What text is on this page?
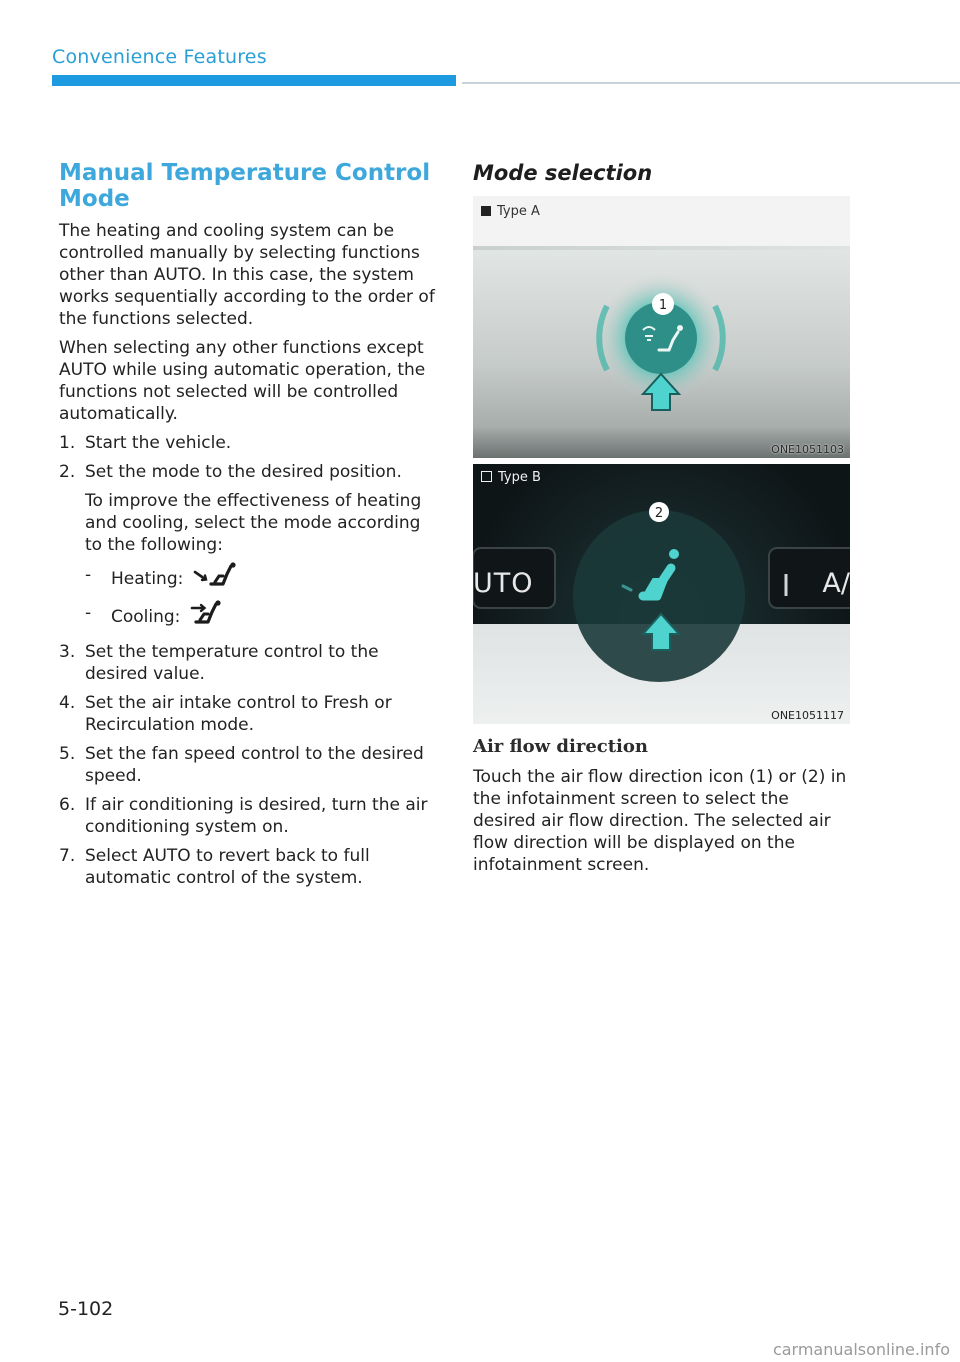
Convenience Features
Manual Temperature Control Mode

The heating and cooling system can be controlled manually by selecting functions other than AUTO. In this case, the system works sequentially according to the order of the functions selected.

When selecting any other functions except AUTO while using automatic operation, the functions not selected will be controlled automatically.

1. Start the vehicle.
2. Set the mode to the desired position.
To improve the effectiveness of heating and cooling, select the mode according to the following:
- Heating:
- Cooling:
3. Set the temperature control to the desired value.
4. Set the air intake control to Fresh or Recirculation mode.
5. Set the fan speed control to the desired speed.
6. If air conditioning is desired, turn the air conditioning system on.
7. Select AUTO to revert back to full automatic control of the system.
Mode selection
Type A
1
ONE1051103
Type B
2
UTO	A/
ONE1051117
Air flow direction

Touch the air flow direction icon (1) or (2) in the infotainment screen to select the desired air flow direction. The selected air flow direction will be displayed on the infotainment screen.

5-102
carmanualsonline.info
